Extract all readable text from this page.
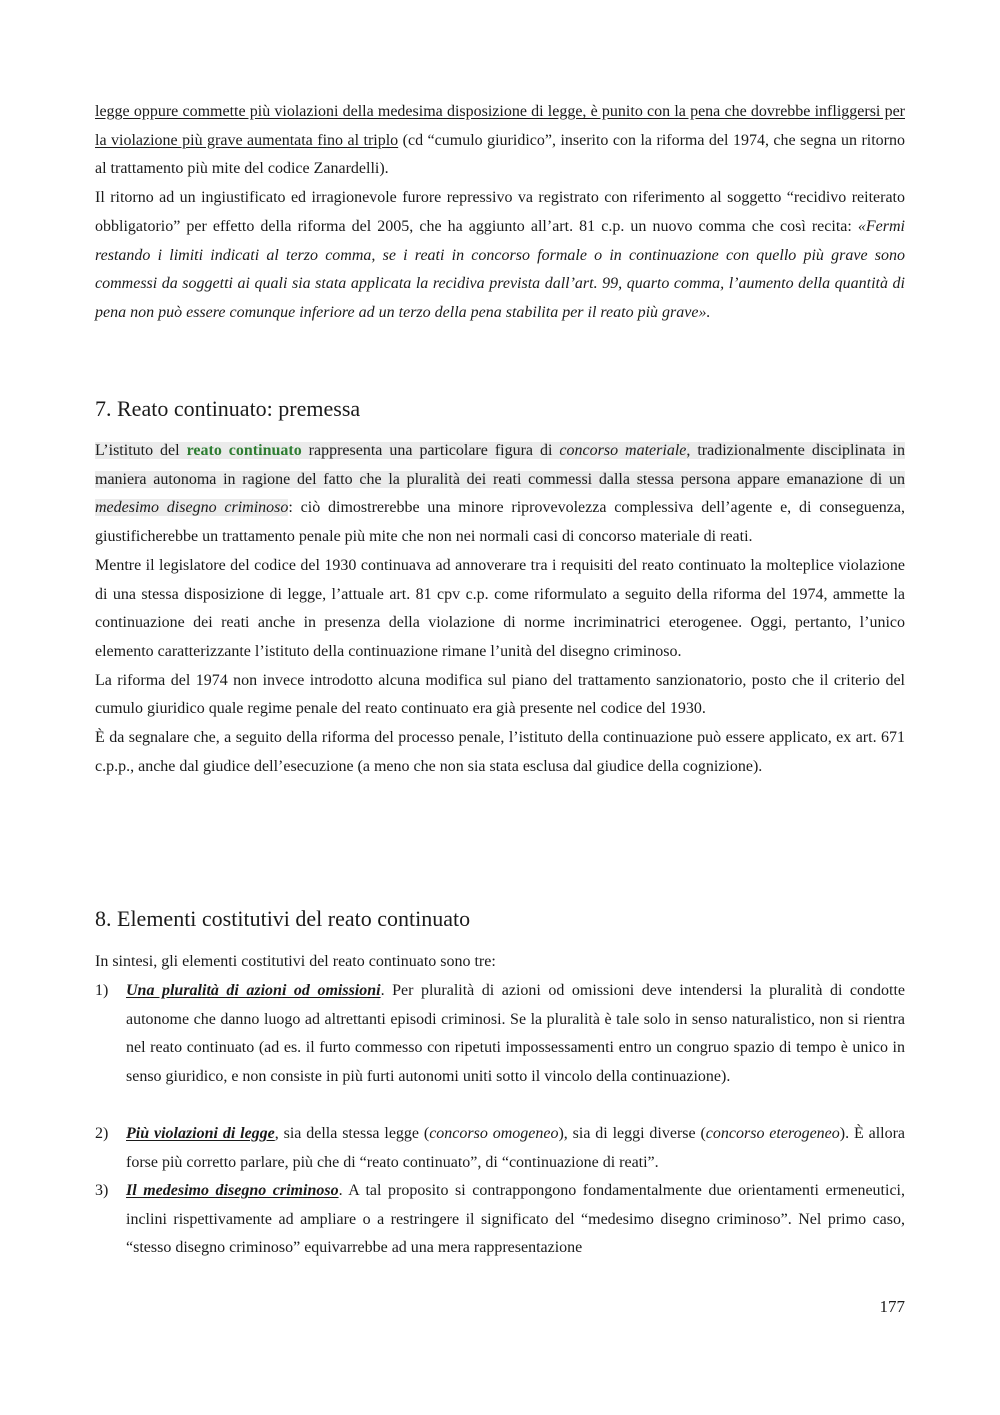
legge oppure commette più violazioni della medesima disposizione di legge, è punito con la pena che dovrebbe infliggersi per la violazione più grave aumentata fino al triplo (cd “cumulo giuridico”, inserito con la riforma del 1974, che segna un ritorno al trattamento più mite del codice Zanardelli).

Il ritorno ad un ingiustificato ed irragionevole furore repressivo va registrato con riferimento al soggetto “recidivo reiterato obbligatorio” per effetto della riforma del 2005, che ha aggiunto all’art. 81 c.p. un nuovo comma che così recita: «Fermi restando i limiti indicati al terzo comma, se i reati in concorso formale o in continuazione con quello più grave sono commessi da soggetti ai quali sia stata applicata la recidiva prevista dall’art. 99, quarto comma, l’aumento della quantità di pena non può essere comunque inferiore ad un terzo della pena stabilita per il reato più grave».

7. Reato continuato: premessa

L’istituto del reato continuato rappresenta una particolare figura di concorso materiale, tradizionalmente disciplinata in maniera autonoma in ragione del fatto che la pluralità dei reati commessi dalla stessa persona appare emanazione di un medesimo disegno criminoso: ciò dimostrerebbe una minore riprovevolezza complessiva dell’agente e, di conseguenza, giustificherebbe un trattamento penale più mite che non nei normali casi di concorso materiale di reati.

Mentre il legislatore del codice del 1930 continuava ad annoverare tra i requisiti del reato continuato la molteplice violazione di una stessa disposizione di legge, l’attuale art. 81 cpv c.p. come riformulato a seguito della riforma del 1974, ammette la continuazione dei reati anche in presenza della violazione di norme incriminatrici eterogenee. Oggi, pertanto, l’unico elemento caratterizzante l’istituto della continuazione rimane l’unità del disegno criminoso.

La riforma del 1974 non invece introdotto alcuna modifica sul piano del trattamento sanzionatorio, posto che il criterio del cumulo giuridico quale regime penale del reato continuato era già presente nel codice del 1930.

È da segnalare che, a seguito della riforma del processo penale, l’istituto della continuazione può essere applicato, ex art. 671 c.p.p., anche dal giudice dell’esecuzione (a meno che non sia stata esclusa dal giudice della cognizione).

8. Elementi costitutivi del reato continuato

In sintesi, gli elementi costitutivi del reato continuato sono tre:

1) Una pluralità di azioni od omissioni. Per pluralità di azioni od omissioni deve intendersi la pluralità di condotte autonome che danno luogo ad altrettanti episodi criminosi. Se la pluralità è tale solo in senso naturalistico, non si rientra nel reato continuato (ad es. il furto commesso con ripetuti impossessamenti entro un congruo spazio di tempo è unico in senso giuridico, e non consiste in più furti autonomi uniti sotto il vincolo della continuazione).

2) Più violazioni di legge, sia della stessa legge (concorso omogeneo), sia di leggi diverse (concorso eterogeneo). È allora forse più corretto parlare, più che di “reato continuato”, di “continuazione di reati”.

3) Il medesimo disegno criminoso. A tal proposito si contrappongono fondamentalmente due orientamenti ermeneutici, inclini rispettivamente ad ampliare o a restringere il significato del “medesimo disegno criminoso”. Nel primo caso, “stesso disegno criminoso” equivarrebbe ad una mera rappresentazione

177
